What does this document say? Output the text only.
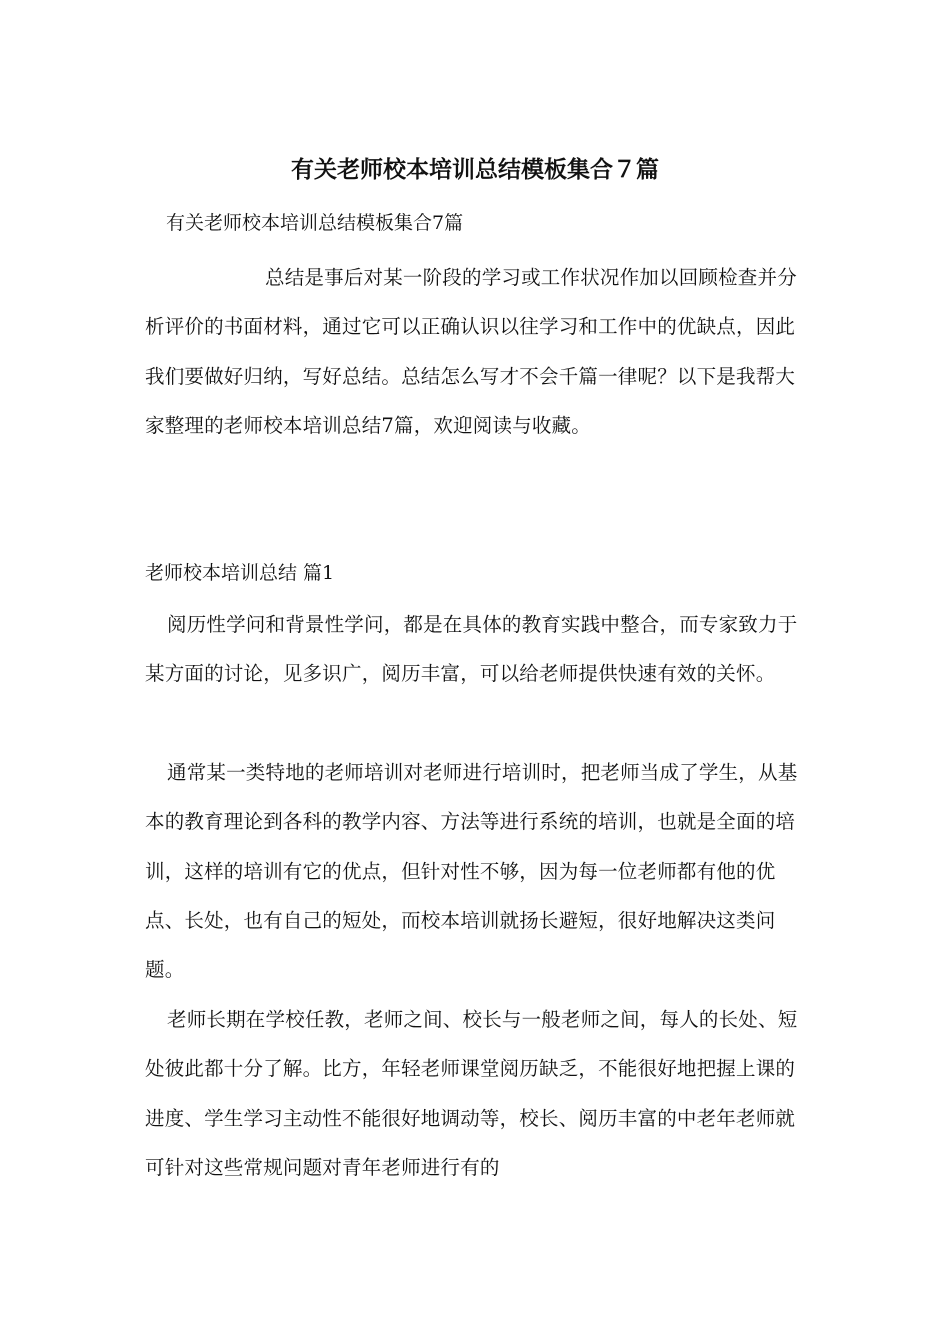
有关老师校本培训总结模板集合７篇

有关老师校本培训总结模板集合7篇

总结是事后对某一阶段的学习或工作状况作加以回顾检查并分析评价的书面材料，通过它可以正确认识以往学习和工作中的优缺点，因此我们要做好归纳，写好总结。总结怎么写才不会千篇一律呢？以下是我帮大家整理的老师校本培训总结7篇，欢迎阅读与收藏。

老师校本培训总结 篇1

阅历性学问和背景性学问，都是在具体的教育实践中整合，而专家致力于某方面的讨论，见多识广，阅历丰富，可以给老师提供快速有效的关怀。

通常某一类特地的老师培训对老师进行培训时，把老师当成了学生，从基本的教育理论到各科的教学内容、方法等进行系统的培训，也就是全面的培训，这样的培训有它的优点，但针对性不够，因为每一位老师都有他的优点、长处，也有自己的短处，而校本培训就扬长避短，很好地解决这类问题。

老师长期在学校任教，老师之间、校长与一般老师之间，每人的长处、短处彼此都十分了解。比方，年轻老师课堂阅历缺乏，不能很好地把握上课的进度、学生学习主动性不能很好地调动等，校长、阅历丰富的中老年老师就可针对这些常规问题对青年老师进行有的
